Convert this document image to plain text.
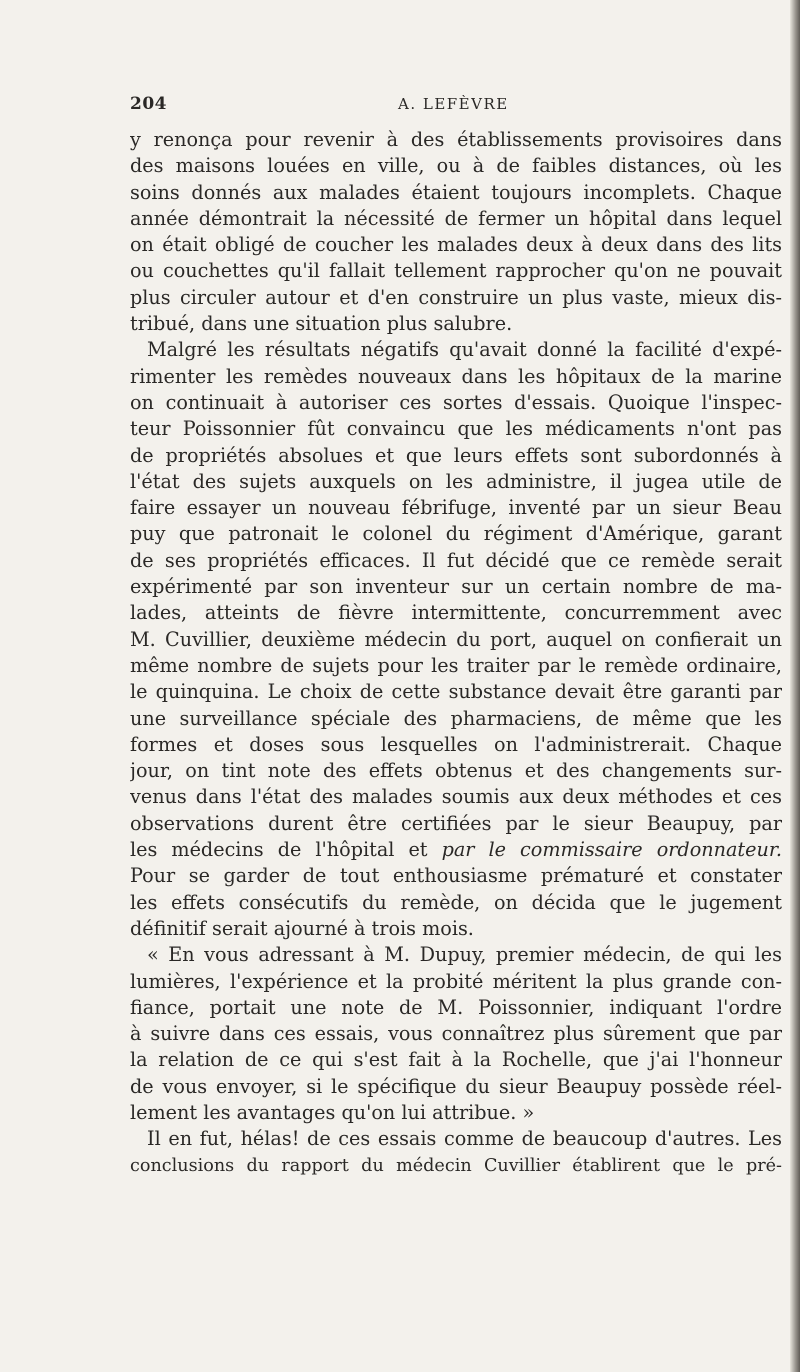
204	A. LEFÈVRE
y renonça pour revenir à des établissements provisoires dans
des maisons louées en ville, ou à de faibles distances, où les
soins donnés aux malades étaient toujours incomplets. Chaque
année démontrait la nécessité de fermer un hôpital dans lequel
on était obligé de coucher les malades deux à deux dans des lits
ou couchettes qu'il fallait tellement rapprocher qu'on ne pouvait
plus circuler autour et d'en construire un plus vaste, mieux dis-
tribué, dans une situation plus salubre.
Malgré les résultats négatifs qu'avait donné la facilité d'expé-
rimenter les remèdes nouveaux dans les hôpitaux de la marine
on continuait à autoriser ces sortes d'essais. Quoique l'inspec-
teur Poissonnier fût convaincu que les médicaments n'ont pas
de propriétés absolues et que leurs effets sont subordonnés à
l'état des sujets auxquels on les administre, il jugea utile de
faire essayer un nouveau fébrifuge, inventé par un sieur Beau
puy que patronait le colonel du régiment d'Amérique, garant
de ses propriétés efficaces. Il fut décidé que ce remède serait
expérimenté par son inventeur sur un certain nombre de ma-
lades, atteints de fièvre intermittente, concurremment avec
M. Cuvillier, deuxième médecin du port, auquel on confierait un
même nombre de sujets pour les traiter par le remède ordinaire,
le quinquina. Le choix de cette substance devait être garanti par
une surveillance spéciale des pharmaciens, de même que les
formes et doses sous lesquelles on l'administrerait. Chaque
jour, on tint note des effets obtenus et des changements sur-
venus dans l'état des malades soumis aux deux méthodes et ces
observations durent être certifiées par le sieur Beaupuy, par
les médecins de l'hôpital et par le commissaire ordonnateur.
Pour se garder de tout enthousiasme prématuré et constater
les effets consécutifs du remède, on décida que le jugement
définitif serait ajourné à trois mois.
« En vous adressant à M. Dupuy, premier médecin, de qui les
lumières, l'expérience et la probité méritent la plus grande con-
fiance, portait une note de M. Poissonnier, indiquant l'ordre
à suivre dans ces essais, vous connaîtrez plus sûrement que par
la relation de ce qui s'est fait à la Rochelle, que j'ai l'honneur
de vous envoyer, si le spécifique du sieur Beaupuy possède réel-
lement les avantages qu'on lui attribue. »
Il en fut, hélas! de ces essais comme de beaucoup d'autres. Les
conclusions du rapport du médecin Cuvillier établirent que le pré-
